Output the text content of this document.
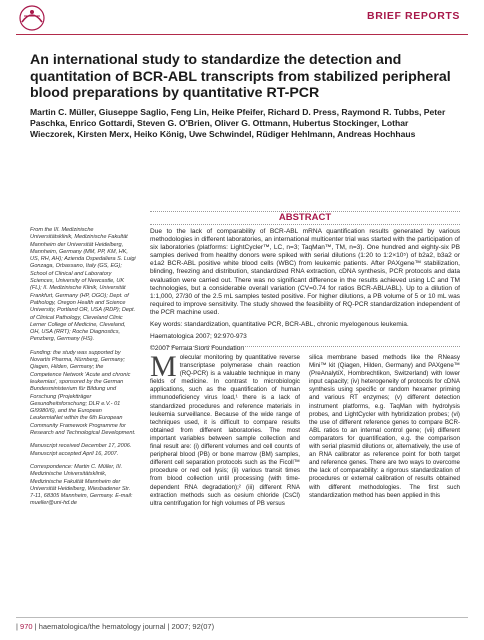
BRIEF REPORTS
An international study to standardize the detection and quantitation of BCR-ABL transcripts from stabilized peripheral blood preparations by quantitative RT-PCR

Martin C. Müller, Giuseppe Saglio, Feng Lin, Heike Pfeifer, Richard D. Press, Raymond R. Tubbs, Peter Paschka, Enrico Gottardi, Steven G. O'Brien, Oliver G. Ottmann, Hubertus Stockinger, Lothar Wieczorek, Kirsten Merx, Heiko König, Uwe Schwindel, Rüdiger Hehlmann, Andreas Hochhaus

From the III. Medizinische Universitätsklinik, Medizinische Fakultät Mannheim der Universität Heidelberg, Mannheim, Germany (MM, PP, KM, HK, US, RH, AH); Azienda Ospedaliera S. Luigi Gonzaga, Orbassano, Italy (GS, EG); School of Clinical and Laboratory Sciences, University of Newcastle, UK (FL); II. Medizinische Klinik, Universität Frankfurt, Germany (HP, OGO); Dept. of Pathology, Oregon Health and Science University, Portland OR, USA (RDP); Dept. of Clinical Pathology, Cleveland Clinic Lerner College of Medicine, Cleveland, OH, USA (RRT); Roche Diagnostics, Penzberg, Germany (HS).

Funding: the study was supported by Novartis Pharma, Nürnberg, Germany; Qiagen, Hilden, Germany; the Competence Network 'Acute and chronic leukemias', sponsored by the German Bundesministerium für Bildung und Forschung (Projektträger Gesundheitsforschung; DLR e.V.- 01 GI9980/6), and the European LeukemiaNet within the 6th European Community Framework Programme for Research and Technological Development.

Manuscript received December 17, 2006.
Manuscript accepted April 16, 2007.

Correspondence: Martin C. Müller, III. Medizinische Universitätsklinik, Medizinische Fakultät Mannheim der Universität Heidelberg, Wiesbadener Str. 7-11, 68305 Mannheim, Germany. E-mail: mueller@uni-hd.de

ABSTRACT

Due to the lack of comparability of BCR-ABL mRNA quantification results generated by various methodologies in different laboratories, an international multicenter trial was started with the participation of six laboratories (platforms: LightCycler™, LC, n=3; TaqMan™, TM, n=3). One hundred and eighty-six PB samples derived from healthy donors were spiked with serial dilutions (1:20 to 1:2×10⁵) of b2a2, b3a2 or e1a2 BCR-ABL positive white blood cells (WBC) from leukemic patients. After PAXgene™ stabilization, blinding, freezing and distribution, standardized RNA extraction, cDNA synthesis, PCR protocols and data evaluation were carried out. There was no significant difference in the results achieved using LC and TM technologies, but a considerable overall variation (CV=0.74 for ratios BCR-ABL/ABL). Up to a dilution of 1:1,000, 27/30 of the 2.5 mL samples tested positive. For higher dilutions, a PB volume of 5 or 10 mL was required to improve sensitivity. The study showed the feasibility of RQ-PCR standardization independent of the PCR machine used.

Key words: standardization, quantitative PCR, BCR-ABL, chronic myelogenous leukemia.

Haematologica 2007; 92:970-973

©2007 Ferrata Storti Foundation

Molecular monitoring by quantitative reverse transcriptase polymerase chain reaction (RQ-PCR) is a valuable technique in many fields of medicine. In contrast to microbiologic applications, such as the quantification of human immunodeficiency virus load,¹ there is a lack of standardized procedures and reference materials in leukemia surveillance. Because of the wide range of techniques used, it is difficult to compare results obtained from different laboratories. The most important variables between sample collection and final result are: (i) different volumes and cell counts of peripheral blood (PB) or bone marrow (BM) samples, different cell separation protocols such as the Ficoll™ procedure or red cell lysis; (ii) various transit times from blood collection until processing (with time-dependent RNA degradation);² (iii) different RNA extraction methods such as cesium chloride (CsCl) ultra centrifugation for high volumes of PB versus
silica membrane based methods like the RNeasy Mini™ kit (Qiagen, Hilden, Germany) and PAXgene™ (PreAnalytiX, Hombrechtikon, Switzerland) with lower input capacity; (iv) heterogeneity of protocols for cDNA synthesis using specific or random hexamer priming and various RT enzymes; (v) different detection instrument platforms, e.g. TaqMan with hydrolysis probes, and LightCycler with hybridization probes; (vi) the use of different reference genes to compare BCR-ABL ratios to an internal control gene; (vii) different comparators for quantification, e.g. the comparison with serial plasmid dilutions or, alternatively, the use of an RNA calibrator as reference point for both target and reference genes. There are two ways to overcome the lack of comparability: a rigorous standardization of procedures or external calibration of results obtained with different methodologies. The first such standardization method has been applied in this
| 970 | haematologica/the hematology journal | 2007; 92(07)
